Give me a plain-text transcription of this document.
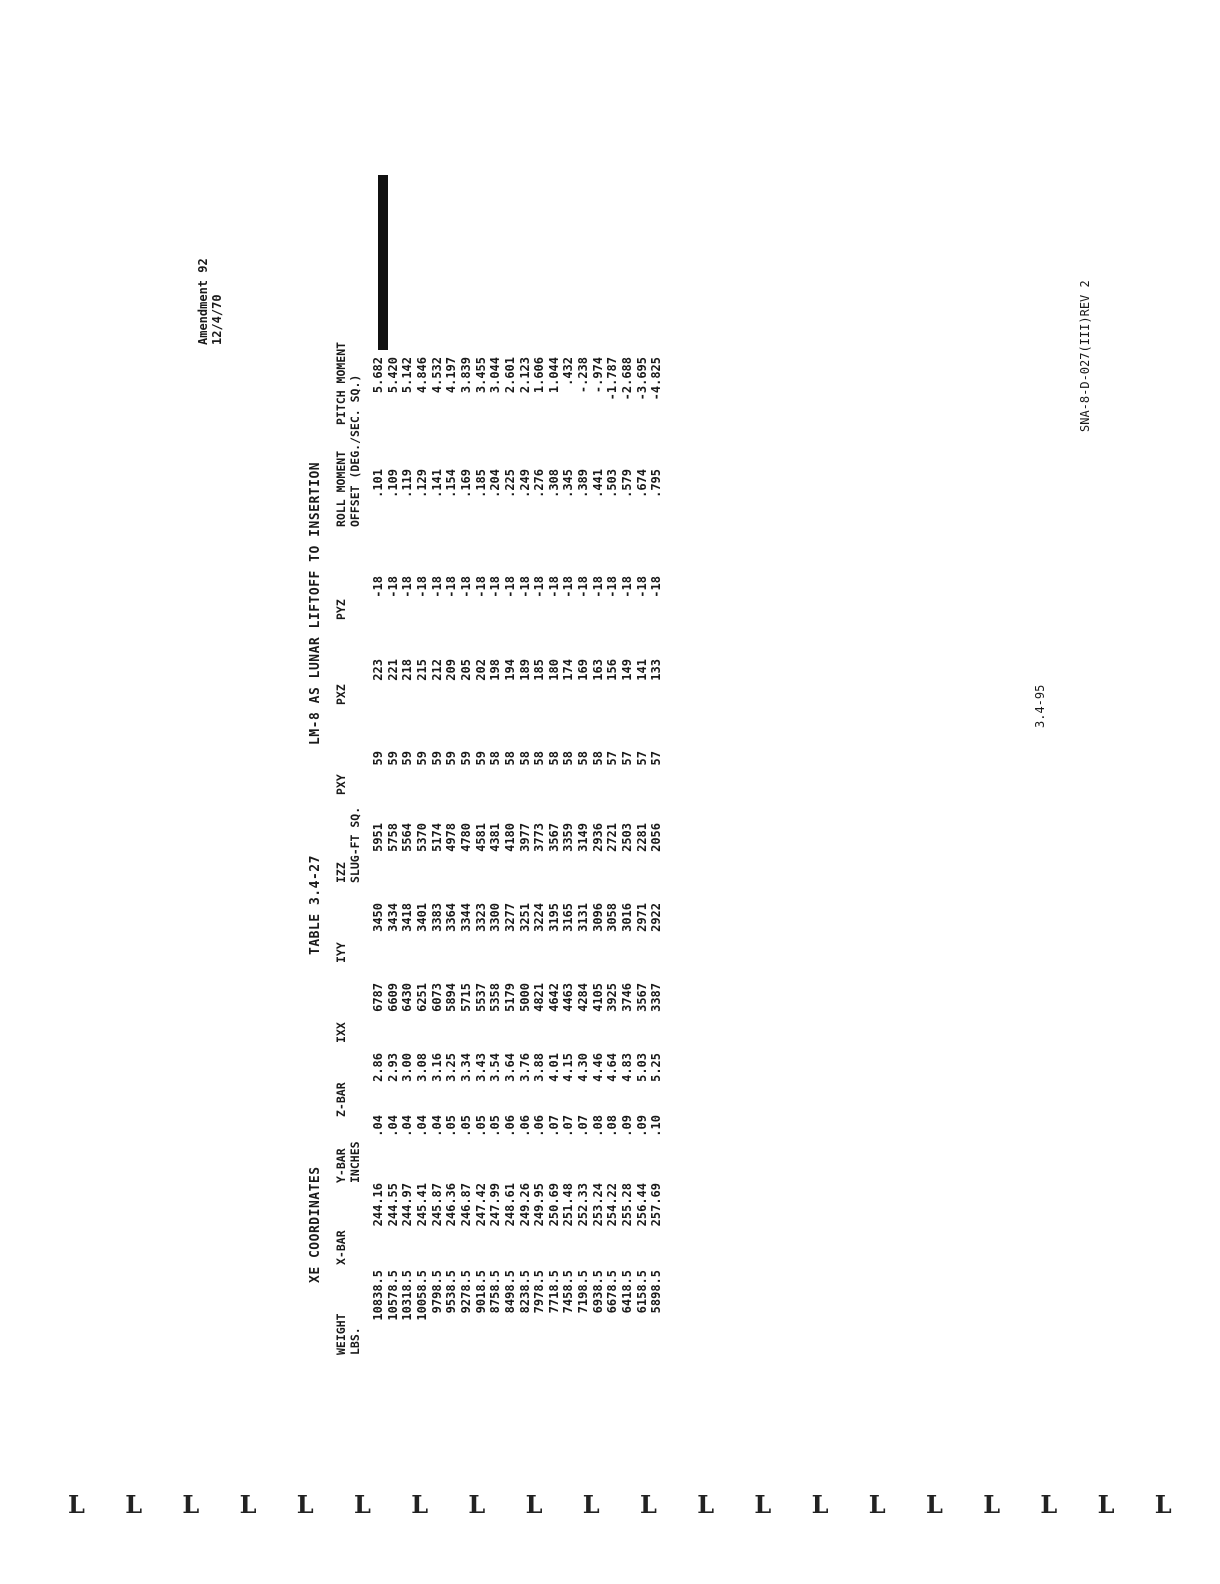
XE COORDINATES

TABLE 3.4-27

LM-8 AS LUNAR LIFTOFF TO INSERTION

WEIGHT LBS.
X-BAR
Y-BAR INCHES
Z-BAR
IXX
IYY
IZZ SLUG-FT SQ.
PXY
PXZ
PYZ
ROLL MOMENT OFFSET (DEG./SEC. SQ.)
PITCH MOMENT
10838.5
244.16
.04
2.86
6787
3450
5951
59
223
-18
.101
5.682
10578.5
244.55
.04
2.93
6609
3434
5758
59
221
-18
.109
5.420
10318.5
244.97
.04
3.00
6430
3418
5564
59
218
-18
.119
5.142
10058.5
245.41
.04
3.08
6251
3401
5370
59
215
-18
.129
4.846
9798.5
245.87
.04
3.16
6073
3383
5174
59
212
-18
.141
4.532
9538.5
246.36
.05
3.25
5894
3364
4978
59
209
-18
.154
4.197
9278.5
246.87
.05
3.34
5715
3344
4780
59
205
-18
.169
3.839
9018.5
247.42
.05
3.43
5537
3323
4581
59
202
-18
.185
3.455
8758.5
247.99
.05
3.54
5358
3300
4381
58
198
-18
.204
3.044
8498.5
248.61
.06
3.64
5179
3277
4180
58
194
-18
.225
2.601
8238.5
249.26
.06
3.76
5000
3251
3977
58
189
-18
.249
2.123
7978.5
249.95
.06
3.88
4821
3224
3773
58
185
-18
.276
1.606
7718.5
250.69
.07
4.01
4642
3195
3567
58
180
-18
.308
1.044
7458.5
251.48
.07
4.15
4463
3165
3359
58
174
-18
.345
.432
7198.5
252.33
.07
4.30
4284
3131
3149
58
169
-18
.389
-.238
6938.5
253.24
.08
4.46
4105
3096
2936
58
163
-18
.441
-.974
6678.5
254.22
.08
4.64
3925
3058
2721
57
156
-18
.503
-1.787
6418.5
255.28
.09
4.83
3746
3016
2503
57
149
-18
.579
-2.688
6158.5
256.44
.09
5.03
3567
2971
2281
57
141
-18
.674
-3.695
5898.5
257.69
.10
5.25
3387
2922
2056
57
133
-18
.795
-4.825

Amendment 92
12/4/70
3.4-95
SNA-8-D-027(III)REV 2
L L L L L L L L L L L L L L L L L L L L
